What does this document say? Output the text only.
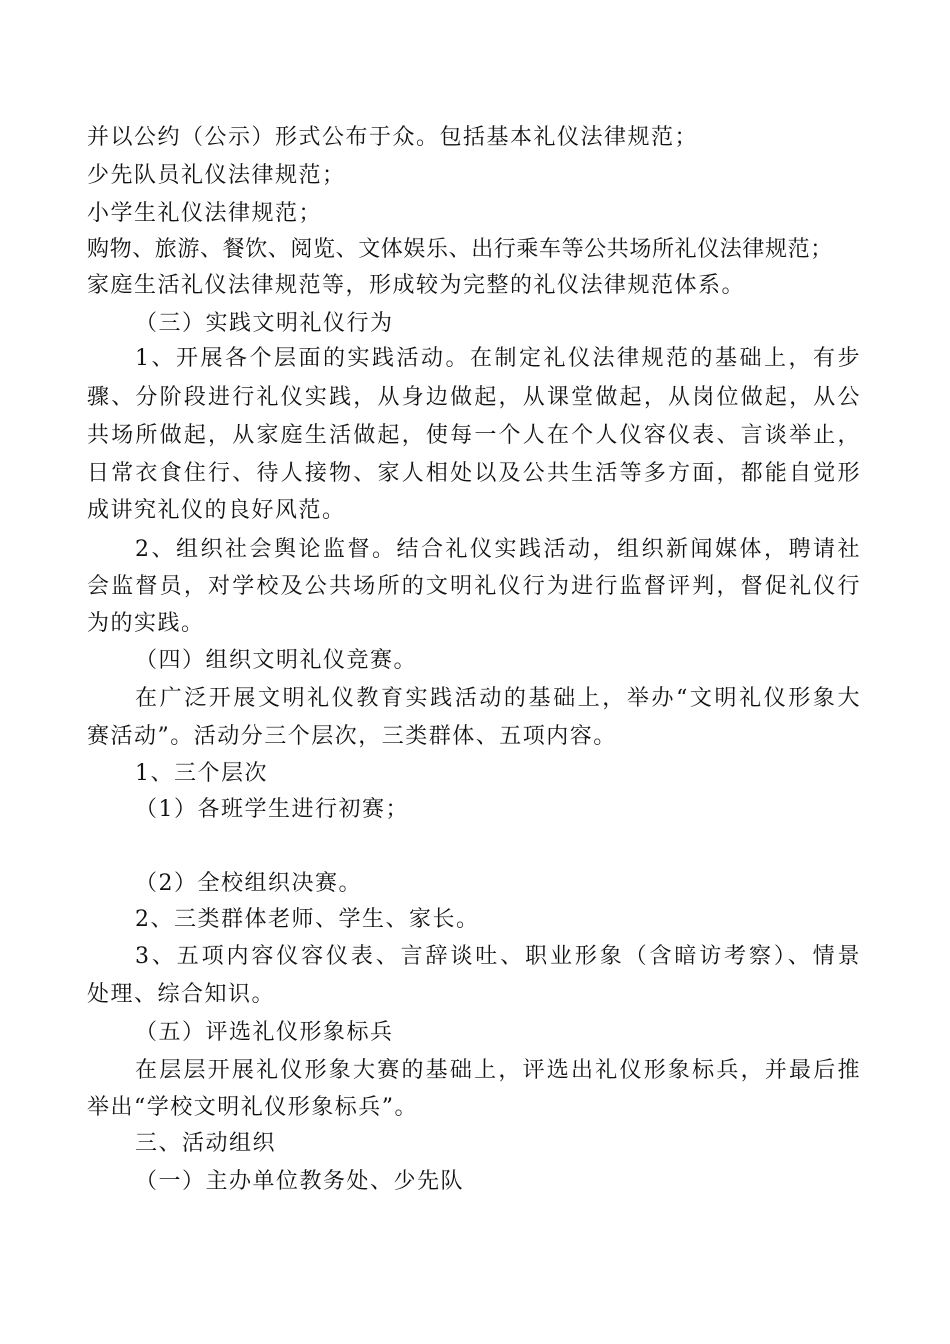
并以公约（公示）形式公布于众。包括基本礼仪法律规范；
少先队员礼仪法律规范；
小学生礼仪法律规范；
购物、旅游、餐饮、阅览、文体娱乐、出行乘车等公共场所礼仪法律规范；
家庭生活礼仪法律规范等，形成较为完整的礼仪法律规范体系。
（三）实践文明礼仪行为
1、开展各个层面的实践活动。在制定礼仪法律规范的基础上，有步
骤、分阶段进行礼仪实践，从身边做起，从课堂做起，从岗位做起，从公
共场所做起，从家庭生活做起，使每一个人在个人仪容仪表、言谈举止，
日常衣食住行、待人接物、家人相处以及公共生活等多方面，都能自觉形
成讲究礼仪的良好风范。
2、组织社会舆论监督。结合礼仪实践活动，组织新闻媒体，聘请社
会监督员，对学校及公共场所的文明礼仪行为进行监督评判，督促礼仪行
为的实践。
（四）组织文明礼仪竞赛。
在广泛开展文明礼仪教育实践活动的基础上，举办“文明礼仪形象大
赛活动”。活动分三个层次，三类群体、五项内容。
1、三个层次
（1）各班学生进行初赛；
（2）全校组织决赛。
2、三类群体老师、学生、家长。
3、五项内容仪容仪表、言辞谈吐、职业形象（含暗访考察）、情景
处理、综合知识。
（五）评选礼仪形象标兵
在层层开展礼仪形象大赛的基础上，评选出礼仪形象标兵，并最后推
举出“学校文明礼仪形象标兵”。
三、活动组织
（一）主办单位教务处、少先队
